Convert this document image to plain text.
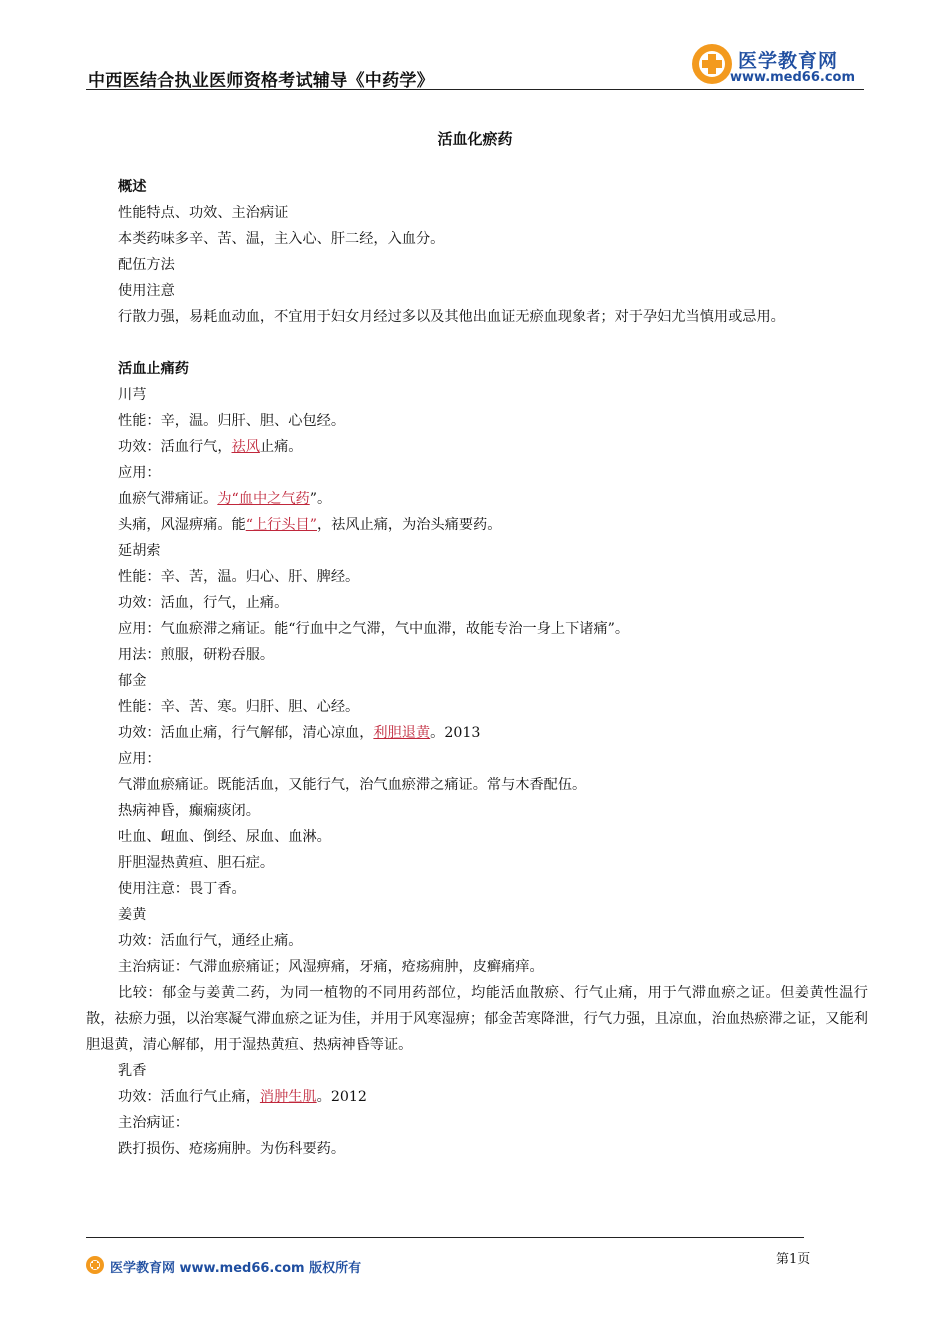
中西医结合执业医师资格考试辅导《中药学》
医学教育网
www.med66.com
活血化瘀药
概述
性能特点、功效、主治病证
本类药味多辛、苦、温，主入心、肝二经，入血分。
配伍方法
使用注意

行散力强，易耗血动血，不宜用于妇女月经过多以及其他出血证无瘀血现象者；对于孕妇尤当慎用或忌用。

活血止痛药
川芎
性能：辛，温。归肝、胆、心包经。
功效：活血行气，祛风止痛。
应用：
血瘀气滞痛证。为“血中之气药”。
头痛，风湿痹痛。能“上行头目”，祛风止痛，为治头痛要药。
延胡索
性能：辛、苦，温。归心、肝、脾经。
功效：活血，行气，止痛。
应用：气血瘀滞之痛证。能“行血中之气滞，气中血滞，故能专治一身上下诸痛”。
用法：煎服，研粉吞服。
郁金
性能：辛、苦、寒。归肝、胆、心经。
功效：活血止痛，行气解郁，清心凉血，利胆退黄。2013
应用：
气滞血瘀痛证。既能活血，又能行气，治气血瘀滞之痛证。常与木香配伍。
热病神昏，癫痫痰闭。
吐血、衄血、倒经、尿血、血淋。
肝胆湿热黄疸、胆石症。
使用注意：畏丁香。
姜黄
功效：活血行气，通经止痛。
主治病证：气滞血瘀痛证；风湿痹痛，牙痛，疮疡痈肿，皮癣痛痒。

比较：郁金与姜黄二药，为同一植物的不同用药部位，均能活血散瘀、行气止痛，用于气滞血瘀之证。但姜黄性温行散，祛瘀力强，以治寒凝气滞血瘀之证为佳，并用于风寒湿痹；郁金苦寒降泄，行气力强，且凉血，治血热瘀滞之证，又能利胆退黄，清心解郁，用于湿热黄疸、热病神昏等证。

乳香
功效：活血行气止痛，消肿生肌。2012
主治病证：
跌打损伤、疮疡痈肿。为伤科要药。
医学教育网 www.med66.com 版权所有
第1页
